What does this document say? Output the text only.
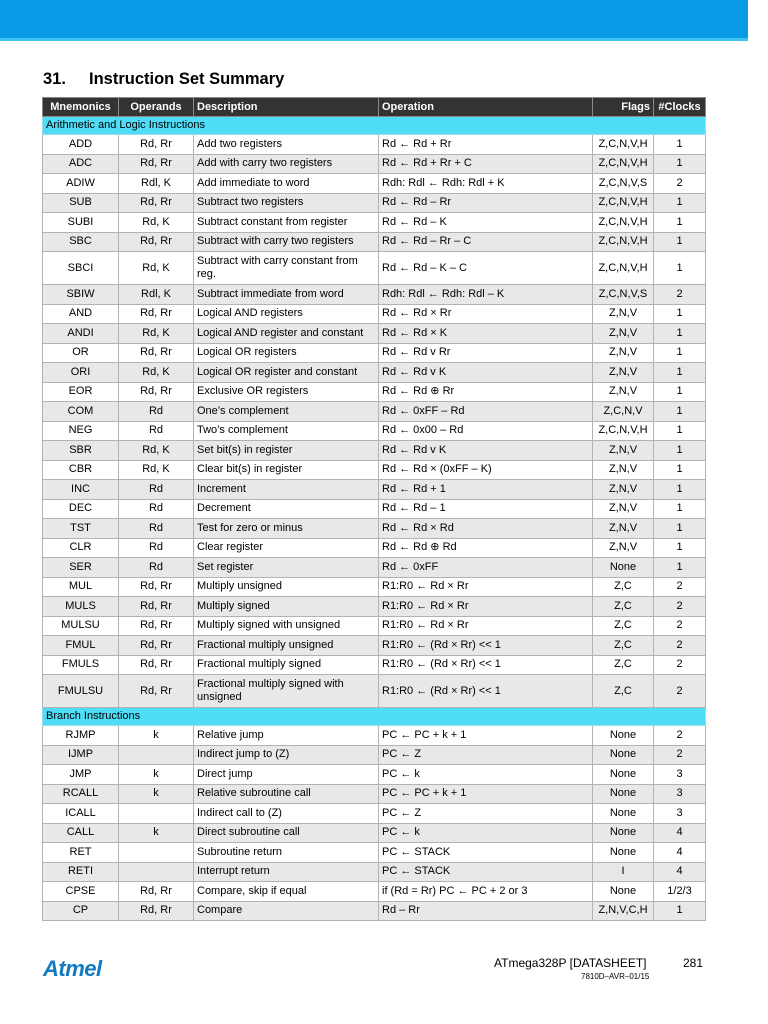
31. Instruction Set Summary
Mnemonics	Operands	Description	Operation	Flags	#Clocks
Arithmetic and Logic Instructions					
ADD	Rd, Rr	Add two registers	Rd ← Rd + Rr	Z,C,N,V,H	1
ADC	Rd, Rr	Add with carry two registers	Rd ← Rd + Rr + C	Z,C,N,V,H	1
ADIW	Rdl, K	Add immediate to word	Rdh: Rdl ← Rdh: Rdl + K	Z,C,N,V,S	2
SUB	Rd, Rr	Subtract two registers	Rd ← Rd – Rr	Z,C,N,V,H	1
SUBI	Rd, K	Subtract constant from register	Rd ← Rd – K	Z,C,N,V,H	1
SBC	Rd, Rr	Subtract with carry two registers	Rd ← Rd – Rr – C	Z,C,N,V,H	1
SBCI	Rd, K	Subtract with carry constant from reg.	Rd ← Rd – K – C	Z,C,N,V,H	1
SBIW	Rdl, K	Subtract immediate from word	Rdh: Rdl ← Rdh: Rdl – K	Z,C,N,V,S	2
AND	Rd, Rr	Logical AND registers	Rd ← Rd × Rr	Z,N,V	1
ANDI	Rd, K	Logical AND register and constant	Rd ← Rd × K	Z,N,V	1
OR	Rd, Rr	Logical OR registers	Rd ← Rd v Rr	Z,N,V	1
ORI	Rd, K	Logical OR register and constant	Rd ← Rd v K	Z,N,V	1
EOR	Rd, Rr	Exclusive OR registers	Rd ← Rd ⊕ Rr	Z,N,V	1
COM	Rd	One’s complement	Rd ← 0xFF – Rd	Z,C,N,V	1
NEG	Rd	Two’s complement	Rd ← 0x00 – Rd	Z,C,N,V,H	1
SBR	Rd, K	Set bit(s) in register	Rd ← Rd v K	Z,N,V	1
CBR	Rd, K	Clear bit(s) in register	Rd ← Rd × (0xFF – K)	Z,N,V	1
INC	Rd	Increment	Rd ← Rd + 1	Z,N,V	1
DEC	Rd	Decrement	Rd ← Rd – 1	Z,N,V	1
TST	Rd	Test for zero or minus	Rd ← Rd × Rd	Z,N,V	1
CLR	Rd	Clear register	Rd ← Rd ⊕ Rd	Z,N,V	1
SER	Rd	Set register	Rd ← 0xFF	None	1
MUL	Rd, Rr	Multiply unsigned	R1:R0 ← Rd × Rr	Z,C	2
MULS	Rd, Rr	Multiply signed	R1:R0 ← Rd × Rr	Z,C	2
MULSU	Rd, Rr	Multiply signed with unsigned	R1:R0 ← Rd × Rr	Z,C	2
FMUL	Rd, Rr	Fractional multiply unsigned	R1:R0 ← (Rd × Rr) << 1	Z,C	2
FMULS	Rd, Rr	Fractional multiply signed	R1:R0 ← (Rd × Rr) << 1	Z,C	2
FMULSU	Rd, Rr	Fractional multiply signed with unsigned	R1:R0 ← (Rd × Rr) << 1	Z,C	2
Branch Instructions					
RJMP	k	Relative jump	PC ← PC + k + 1	None	2
IJMP		Indirect jump to (Z)	PC ← Z	None	2
JMP	k	Direct jump	PC ← k	None	3
RCALL	k	Relative subroutine call	PC ← PC + k + 1	None	3
ICALL		Indirect call to (Z)	PC ← Z	None	3
CALL	k	Direct subroutine call	PC ← k	None	4
RET		Subroutine return	PC ← STACK	None	4
RETI		Interrupt return	PC ← STACK	I	4
CPSE	Rd, Rr	Compare, skip if equal	if (Rd = Rr) PC ← PC + 2 or 3	None	1/2/3
CP	Rd, Rr	Compare	Rd – Rr	Z,N,V,C,H	1
Atmel	ATmega328P [DATASHEET]	281
7810D–AVR–01/15
